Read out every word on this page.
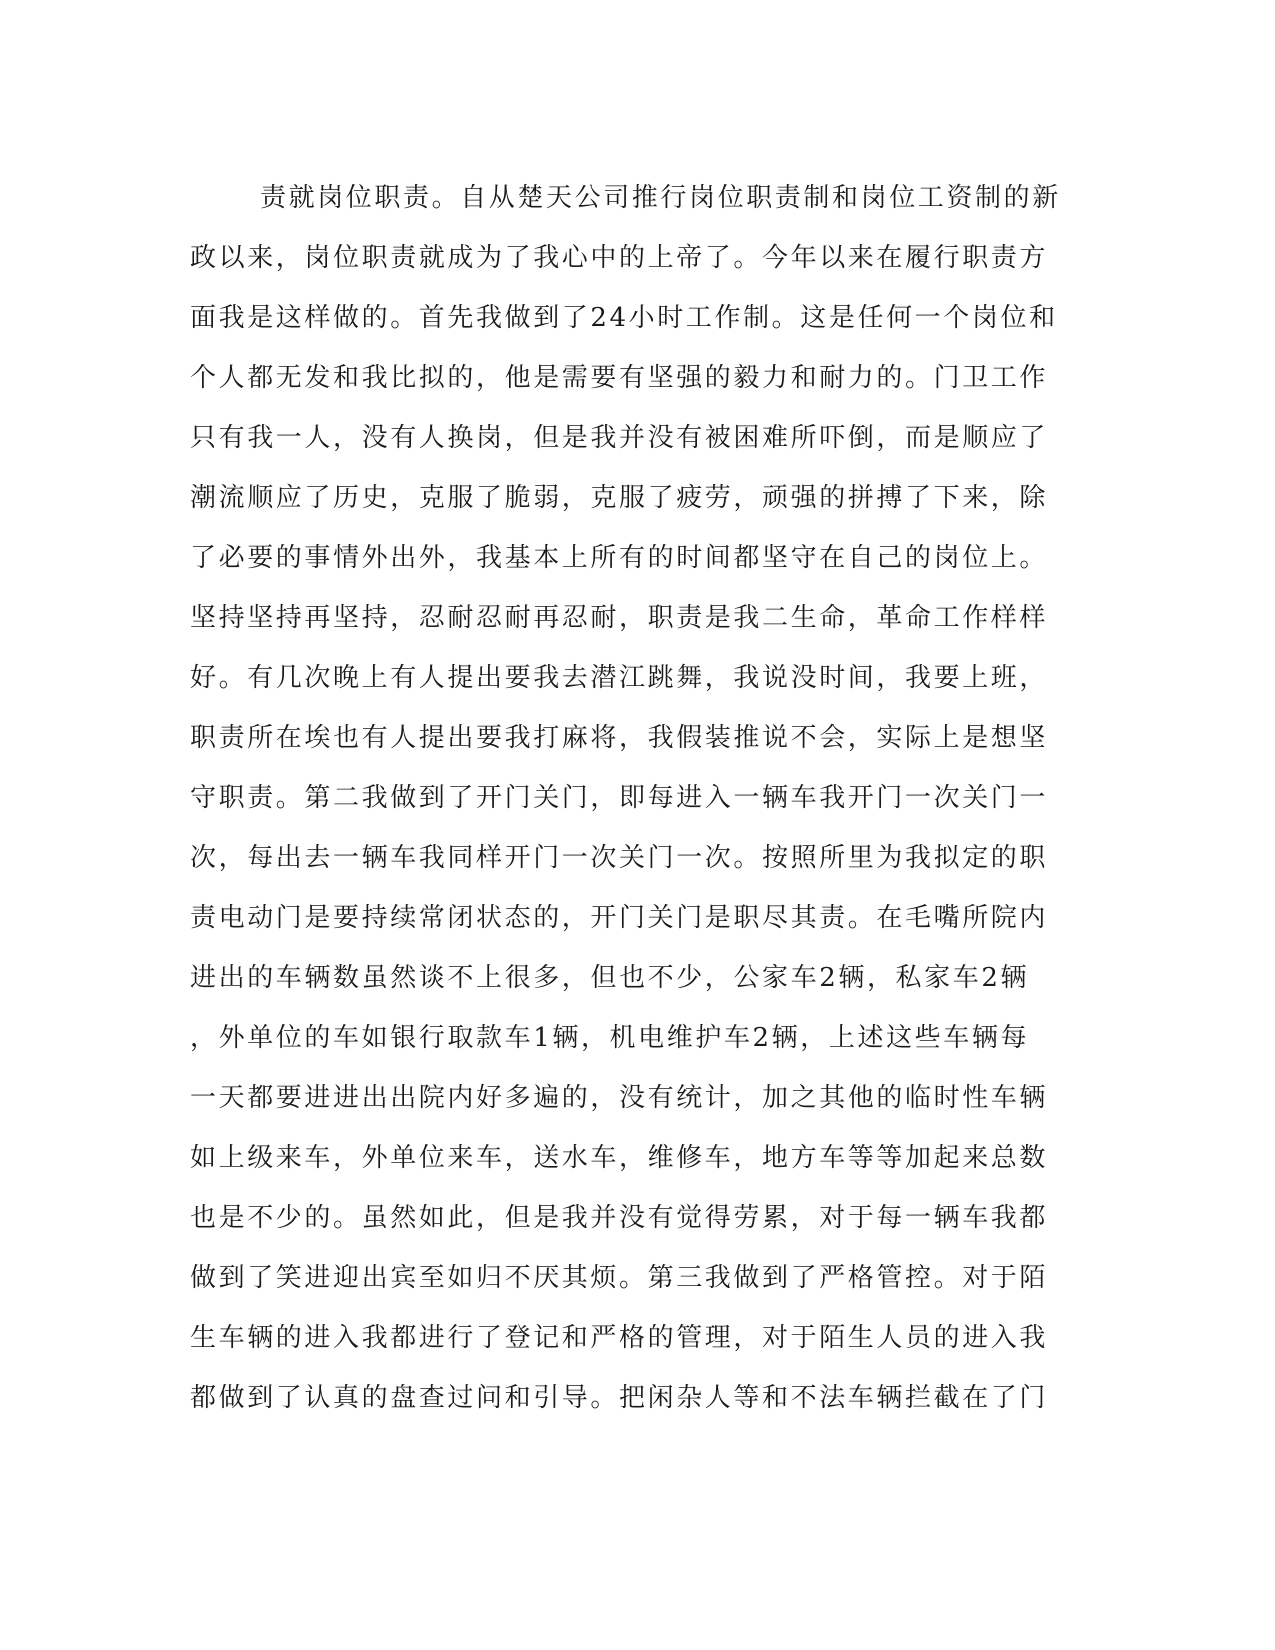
责就岗位职责。自从楚天公司推行岗位职责制和岗位工资制的新
政以来，岗位职责就成为了我心中的上帝了。今年以来在履行职责方
面我是这样做的。首先我做到了24小时工作制。这是任何一个岗位和
个人都无发和我比拟的，他是需要有坚强的毅力和耐力的。门卫工作
只有我一人，没有人换岗，但是我并没有被困难所吓倒，而是顺应了
潮流顺应了历史，克服了脆弱，克服了疲劳，顽强的拼搏了下来，除
了必要的事情外出外，我基本上所有的时间都坚守在自己的岗位上。
坚持坚持再坚持，忍耐忍耐再忍耐，职责是我二生命，革命工作样样
好。有几次晚上有人提出要我去潜江跳舞，我说没时间，我要上班，
职责所在埃也有人提出要我打麻将，我假装推说不会，实际上是想坚
守职责。第二我做到了开门关门，即每进入一辆车我开门一次关门一
次，每出去一辆车我同样开门一次关门一次。按照所里为我拟定的职
责电动门是要持续常闭状态的，开门关门是职尽其责。在毛嘴所院内
进出的车辆数虽然谈不上很多，但也不少，公家车2辆，私家车2辆
，外单位的车如银行取款车1辆，机电维护车2辆，上述这些车辆每
一天都要进进出出院内好多遍的，没有统计，加之其他的临时性车辆
如上级来车，外单位来车，送水车，维修车，地方车等等加起来总数
也是不少的。虽然如此，但是我并没有觉得劳累，对于每一辆车我都
做到了笑进迎出宾至如归不厌其烦。第三我做到了严格管控。对于陌
生车辆的进入我都进行了登记和严格的管理，对于陌生人员的进入我
都做到了认真的盘查过问和引导。把闲杂人等和不法车辆拦截在了门
